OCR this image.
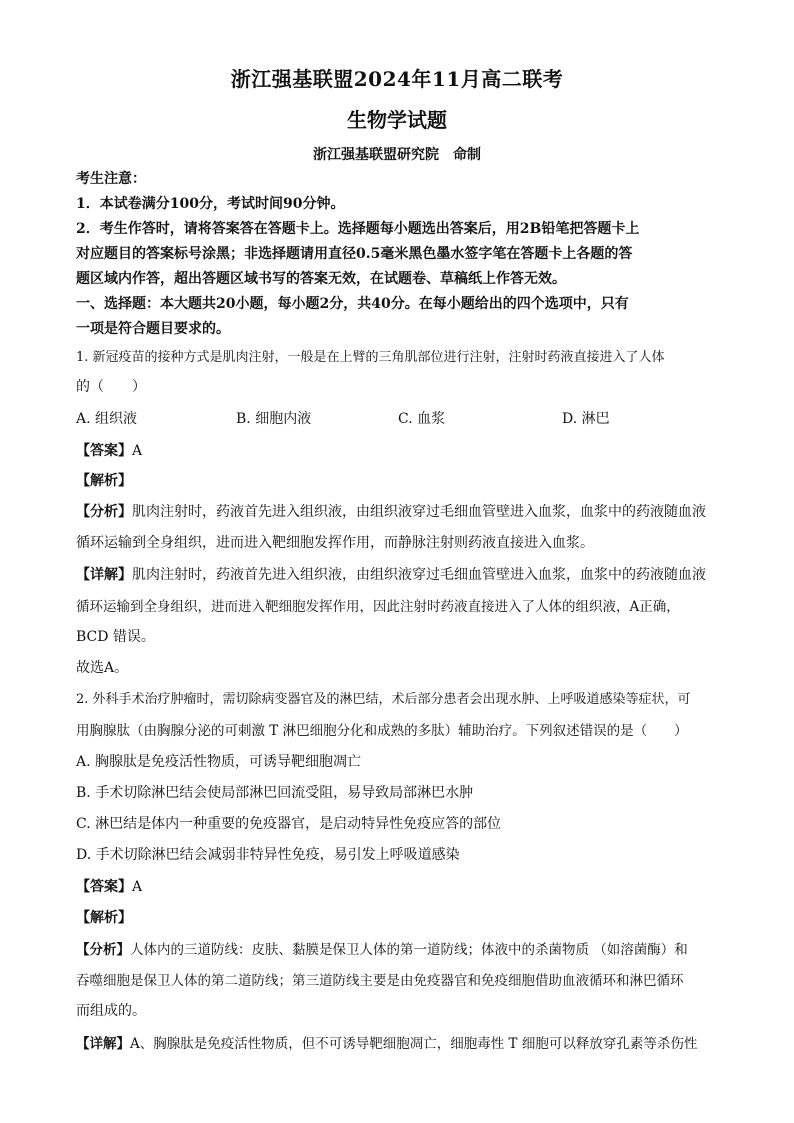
浙江强基联盟2024年11月高二联考
生物学试题
浙江强基联盟研究院　命制
考生注意：
1．本试卷满分100分，考试时间90分钟。
2．考生作答时，请将答案答在答题卡上。选择题每小题选出答案后，用2B铅笔把答题卡上
对应题目的答案标号涂黑；非选择题请用直径0.5毫米黑色墨水签字笔在答题卡上各题的答
题区域内作答，超出答题区域书写的答案无效，在试题卷、草稿纸上作答无效。
一、选择题：本大题共20小题，每小题2分，共40分。在每小题给出的四个选项中，只有
一项是符合题目要求的。
1. 新冠疫苗的接种方式是肌肉注射，一般是在上臂的三角肌部位进行注射，注射时药液直接进入了人体
的（　　）
A. 组织液	B. 细胞内液	C. 血浆	D. 淋巴
【答案】A
【解析】
【分析】肌肉注射时，药液首先进入组织液，由组织液穿过毛细血管壁进入血浆，血浆中的药液随血液
循环运输到全身组织，进而进入靶细胞发挥作用，而静脉注射则药液直接进入血浆。
【详解】肌肉注射时，药液首先进入组织液，由组织液穿过毛细血管壁进入血浆，血浆中的药液随血液
循环运输到全身组织，进而进入靶细胞发挥作用，因此注射时药液直接进入了人体的组织液，A正确，
BCD 错误。
故选A。
2. 外科手术治疗肿瘤时，需切除病变器官及的淋巴结，术后部分患者会出现水肿、上呼吸道感染等症状，可
用胸腺肽（由胸腺分泌的可刺激 T 淋巴细胞分化和成熟的多肽）辅助治疗。下列叙述错误的是（　　）
A. 胸腺肽是免疫活性物质，可诱导靶细胞凋亡
B. 手术切除淋巴结会使局部淋巴回流受阻，易导致局部淋巴水肿
C. 淋巴结是体内一种重要的免疫器官，是启动特异性免疫应答的部位
D. 手术切除淋巴结会减弱非特异性免疫，易引发上呼吸道感染
【答案】A
【解析】
【分析】人体内的三道防线：皮肤、黏膜是保卫人体的第一道防线；体液中的杀菌物质 （如溶菌酶）和
吞噬细胞是保卫人体的第二道防线；第三道防线主要是由免疫器官和免疫细胞借助血液循环和淋巴循环
而组成的。
【详解】A、胸腺肽是免疫活性物质，但不可诱导靶细胞凋亡，细胞毒性 T 细胞可以释放穿孔素等杀伤性
